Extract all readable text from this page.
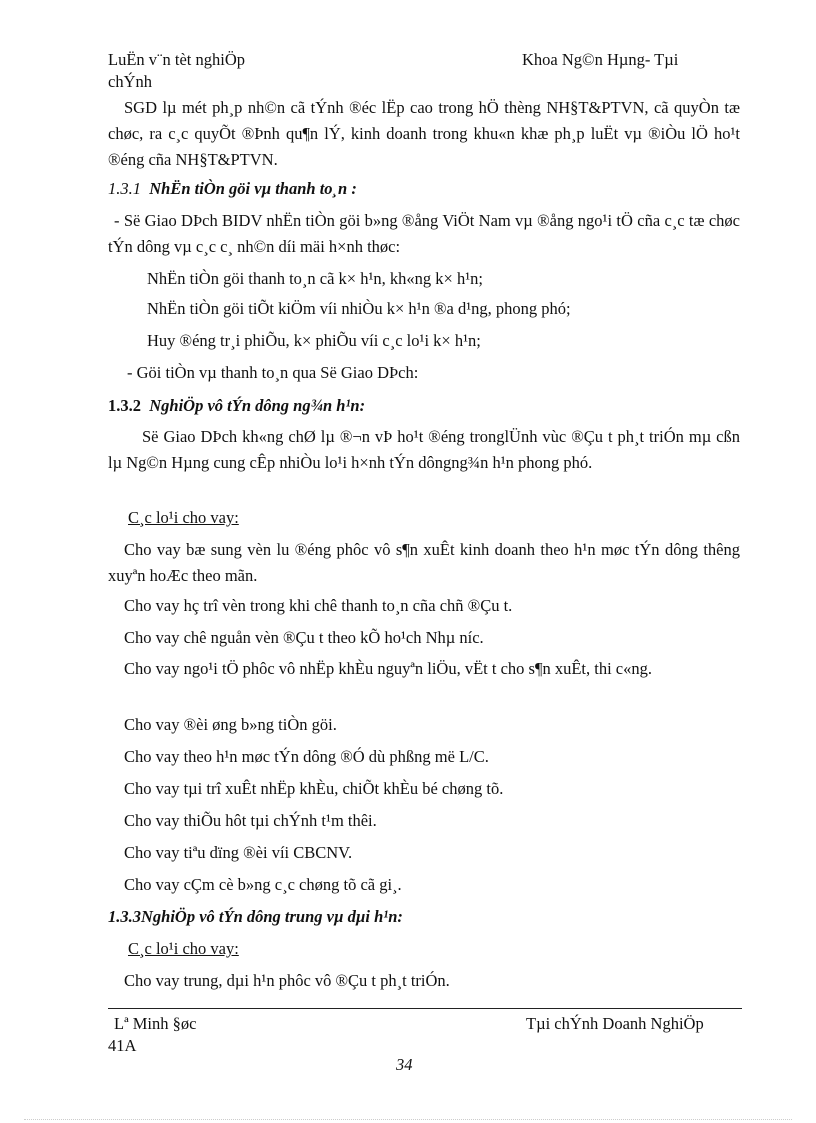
LuËn v¨n tèt nghiÖp
chÝnh
Khoa Ng©n Hµng- Tµi
SGD lµ mét ph¸p nh©n cã tÝnh ®éc lËp cao trong hÖ thèng NH§T&PTVN, cã quyÒn tæ chøc, ra c¸c quyÕt ®Þnh qu¶n lÝ, kinh doanh trong khu«n khæ ph¸p luËt vµ ®iÒu lÖ ho¹t ®éng cña NH§T&PTVN.
1.3.1 NhËn tiÒn göi vµ thanh to¸n :
- Së Giao DÞch BIDV nhËn tiÒn göi b»ng ®ång ViÖt Nam vµ ®ång ngo¹i tÖ cña c¸c tæ chøc tÝn dông vµ c¸c c¸ nh©n díi mäi h×nh thøc:
NhËn tiÒn göi thanh to¸n cã k× h¹n, kh«ng k× h¹n;
NhËn tiÒn göi tiÕt kiÖm víi nhiÒu k× h¹n ®a d¹ng, phong phó;
Huy ®éng tr¸i phiÕu, k× phiÕu víi c¸c lo¹i k× h¹n;
- Göi tiÒn vµ thanh to¸n qua Së Giao DÞch:
1.3.2 NghiÖp vô tÝn dông ng¾n h¹n:
Së Giao DÞch kh«ng chØ lµ ®¬n vÞ ho¹t ®éng tronglÜnh vùc ®Çu t ph¸t triÓn mµ cßn lµ Ng©n Hµng cung cÊp nhiÒu lo¹i h×nh tÝn dôngng¾n h¹n phong phó.
C¸c lo¹i cho vay:
Cho vay bæ sung vèn lu ®éng phôc vô s¶n xuÊt kinh doanh theo h¹n møc tÝn dông thêng xuyªn hoÆc theo mãn.
Cho vay hç trî vèn trong khi chê thanh to¸n cña chñ ®Çu t.
Cho vay chê nguån vèn ®Çu t theo kÕ ho¹ch Nhµ níc.
Cho vay ngo¹i tÖ phôc vô nhËp khÈu nguyªn liÖu, vËt t cho s¶n xuÊt, thi c«ng.
Cho vay ®èi øng b»ng tiÒn göi.
Cho vay theo h¹n møc tÝn dông ®Ó dù phßng më L/C.
Cho vay tµi trî xuÊt nhËp khÈu, chiÕt khÈu bé chøng tõ.
Cho vay thiÕu hôt tµi chÝnh t¹m thêi.
Cho vay tiªu dïng ®èi víi CBCNV.
Cho vay cÇm cè b»ng c¸c chøng tõ cã gi¸.
1.3.3NghiÖp vô tÝn dông trung vµ dµi h¹n:
C¸c lo¹i cho vay:
Cho vay trung, dµi h¹n phôc vô ®Çu t ph¸t triÓn.
Lª Minh §øc
41A
Tµi chÝnh Doanh NghiÖp
34
